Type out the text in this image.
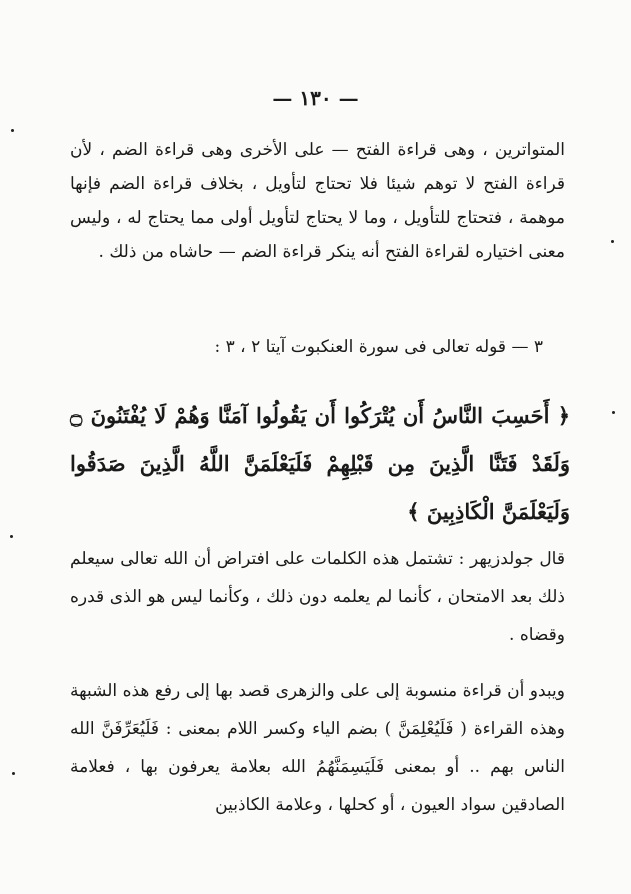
— ١٣٠ —

المتواترين ، وهى قراءة الفتح — على الأخرى وهى قراءة الضم ، لأن قراءة الفتح لا توهم شيئا فلا تحتاج لتأويل ، بخلاف قراءة الضم فإنها موهمة ، فتحتاج للتأويل ، وما لا يحتاج لتأويل أولى مما يحتاج له ، وليس معنى اختياره لقراءة الفتح أنه ينكر قراءة الضم — حاشاه من ذلك .

٣ — قوله تعالى فى سورة العنكبوت آيتا ٢ ، ٣ :

﴿ أَحَسِبَ النَّاسُ أَن يُتْرَكُوا أَن يَقُولُوا آمَنَّا وَهُمْ لَا يُفْتَنُونَ ۝ وَلَقَدْ فَتَنَّا الَّذِينَ مِن قَبْلِهِمْ فَلَيَعْلَمَنَّ اللَّهُ الَّذِينَ صَدَقُوا وَلَيَعْلَمَنَّ الْكَاذِبِينَ ﴾

قال جولدزيهر : تشتمل هذه الكلمات على افتراض أن الله تعالى سيعلم ذلك بعد الامتحان ، كأنما لم يعلمه دون ذلك ، وكأنما ليس هو الذى قدره وقضاه .

ويبدو أن قراءة منسوبة إلى على والزهرى قصد بها إلى رفع هذه الشبهة وهذه القراءة ( فَلَيُعْلِمَنَّ ) بضم الياء وكسر اللام بمعنى : فَلَيُعَرِّفَنَّ الله الناس بهم .. أو بمعنى فَلَيَسِمَنَّهُمُ الله بعلامة يعرفون بها ، فعلامة الصادقين سواد العيون ، أو كحلها ، وعلامة الكاذبين
